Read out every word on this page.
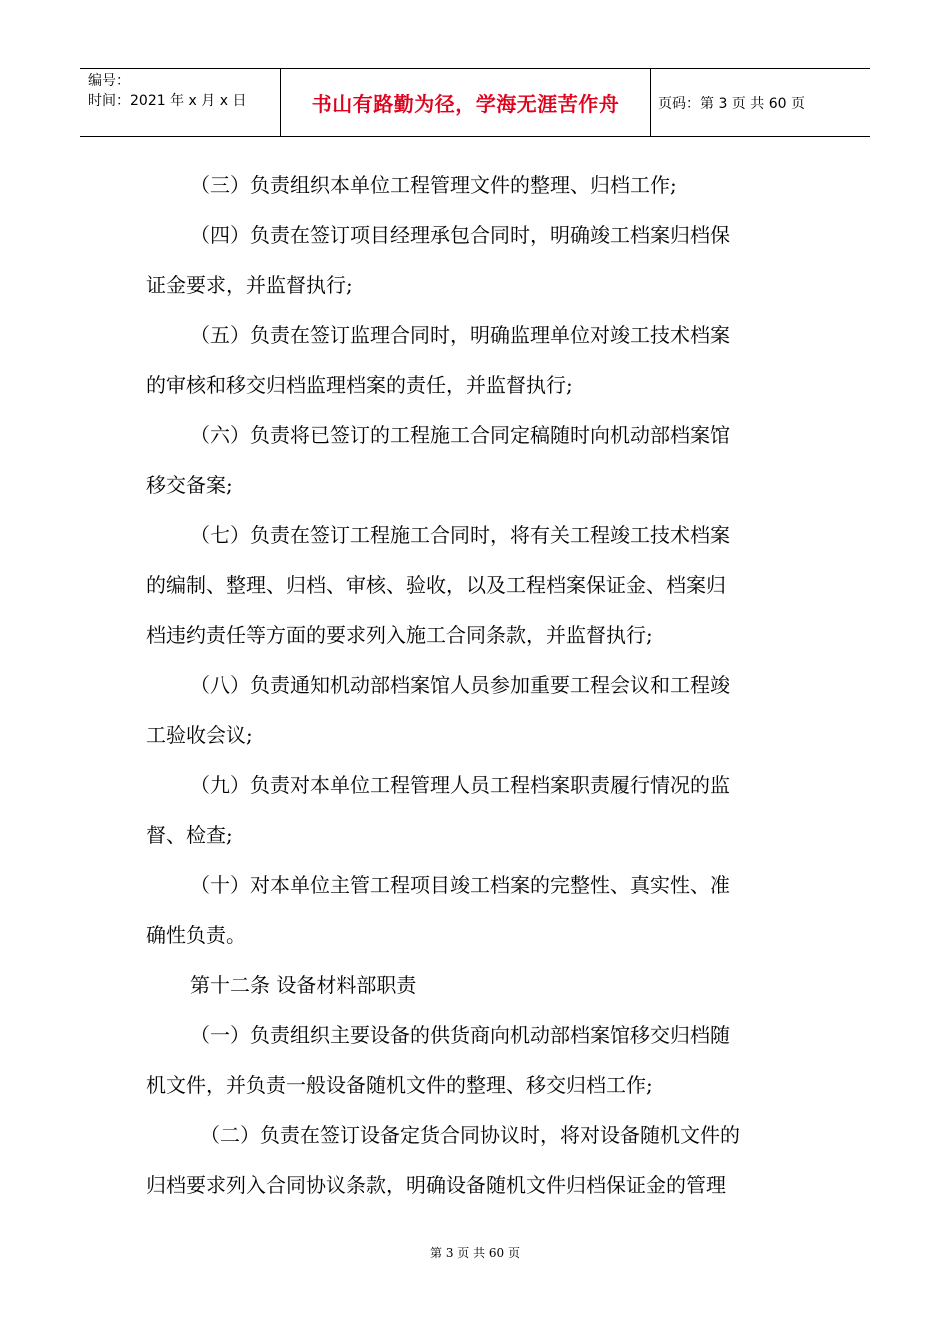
编号：
时间：2021 年 x 月 x 日	书山有路勤为径，学海无涯苦作舟	页码：第 3 页 共 60 页
（三）负责组织本单位工程管理文件的整理、归档工作;
（四）负责在签订项目经理承包合同时，明确竣工档案归档保
证金要求，并监督执行;
（五）负责在签订监理合同时，明确监理单位对竣工技术档案
的审核和移交归档监理档案的责任，并监督执行;
（六）负责将已签订的工程施工合同定稿随时向机动部档案馆
移交备案;
（七）负责在签订工程施工合同时，将有关工程竣工技术档案
的编制、整理、归档、审核、验收，以及工程档案保证金、档案归
档违约责任等方面的要求列入施工合同条款，并监督执行;
（八）负责通知机动部档案馆人员参加重要工程会议和工程竣
工验收会议;
（九）负责对本单位工程管理人员工程档案职责履行情况的监
督、检查;
（十）对本单位主管工程项目竣工档案的完整性、真实性、准
确性负责。
第十二条 设备材料部职责
（一）负责组织主要设备的供货商向机动部档案馆移交归档随
机文件，并负责一般设备随机文件的整理、移交归档工作;
（二）负责在签订设备定货合同协议时，将对设备随机文件的
归档要求列入合同协议条款，明确设备随机文件归档保证金的管理
第 3 页 共 60 页
